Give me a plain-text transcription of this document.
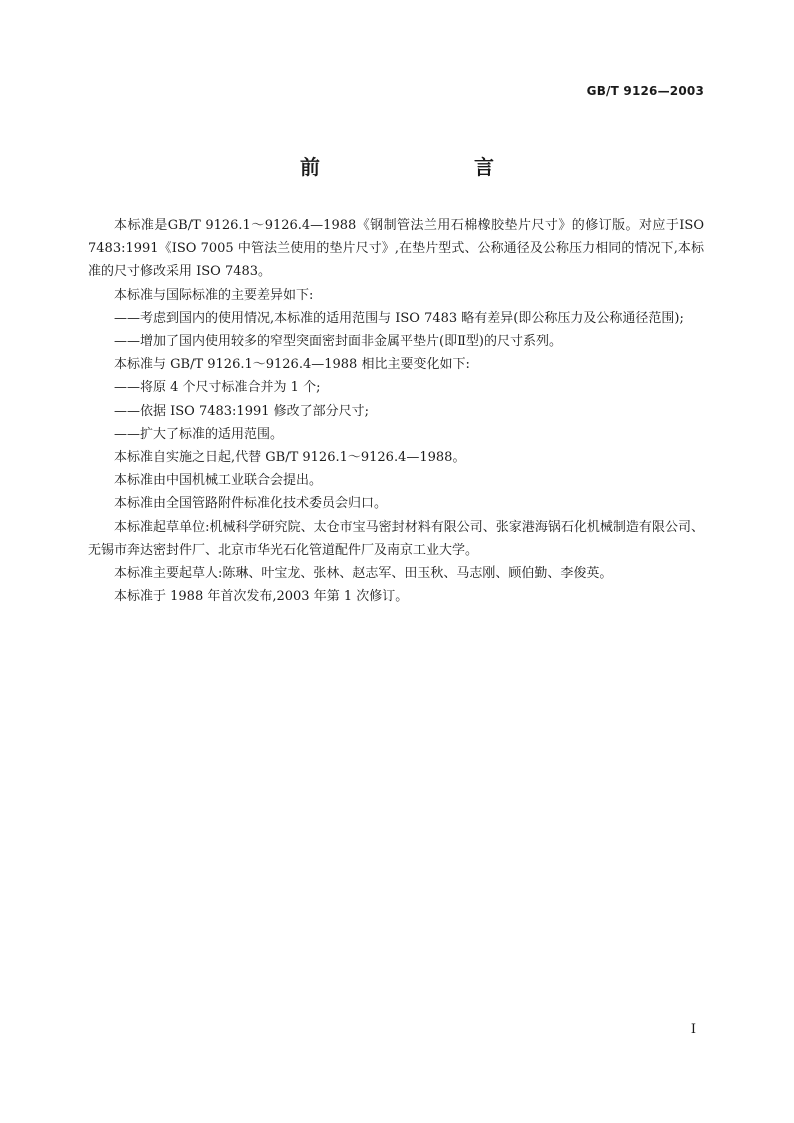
GB/T 9126—2003
前　　言

本标准是GB/T 9126.1～9126.4—1988《钢制管法兰用石棉橡胶垫片尺寸》的修订版。对应于ISO 7483:1991《ISO 7005 中管法兰使用的垫片尺寸》,在垫片型式、公称通径及公称压力相同的情况下,本标准的尺寸修改采用 ISO 7483。

本标准与国际标准的主要差异如下:

——考虑到国内的使用情况,本标准的适用范围与 ISO 7483 略有差异(即公称压力及公称通径范围);

——增加了国内使用较多的窄型突面密封面非金属平垫片(即Ⅱ型)的尺寸系列。

本标准与 GB/T 9126.1～9126.4—1988 相比主要变化如下:

——将原 4 个尺寸标准合并为 1 个;

——依据 ISO 7483:1991 修改了部分尺寸;

——扩大了标准的适用范围。

本标准自实施之日起,代替 GB/T 9126.1～9126.4—1988。

本标准由中国机械工业联合会提出。

本标准由全国管路附件标准化技术委员会归口。

本标准起草单位:机械科学研究院、太仓市宝马密封材料有限公司、张家港海锅石化机械制造有限公司、无锡市奔达密封件厂、北京市华光石化管道配件厂及南京工业大学。

本标准主要起草人:陈琳、叶宝龙、张林、赵志军、田玉秋、马志刚、顾伯勤、李俊英。

本标准于 1988 年首次发布,2003 年第 1 次修订。

Ⅰ
